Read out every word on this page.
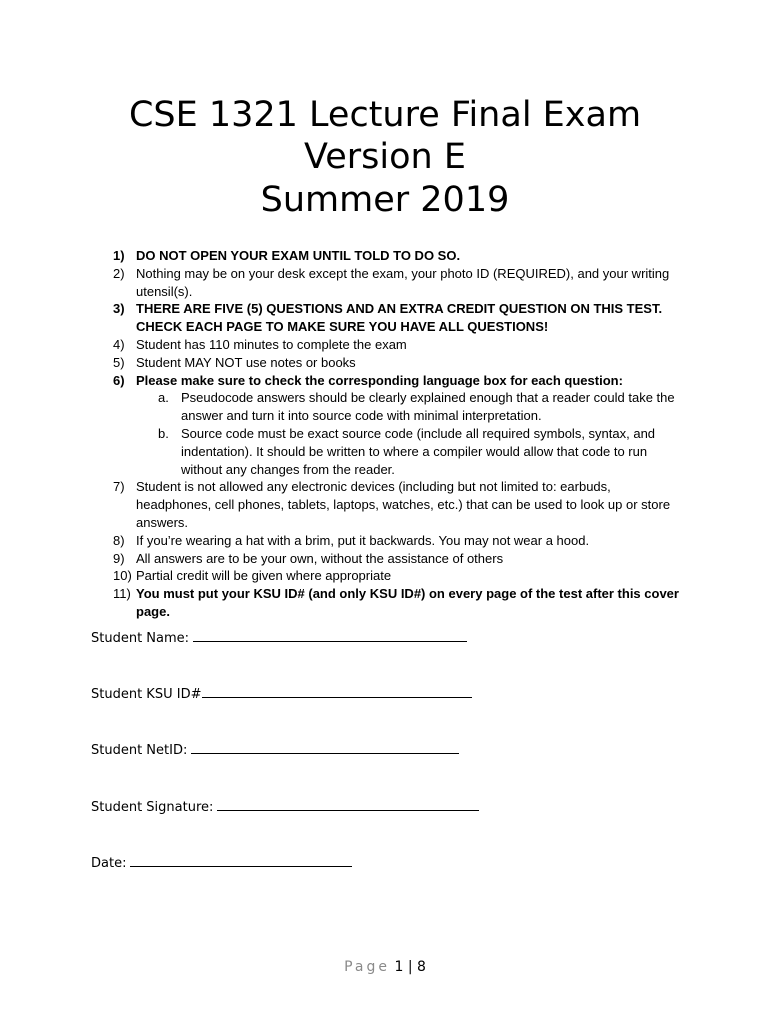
CSE 1321 Lecture Final Exam
Version E
Summer 2019
1) DO NOT OPEN YOUR EXAM UNTIL TOLD TO DO SO.
2) Nothing may be on your desk except the exam, your photo ID (REQUIRED), and your writing utensil(s).
3) THERE ARE FIVE (5) QUESTIONS AND AN EXTRA CREDIT QUESTION ON THIS TEST. CHECK EACH PAGE TO MAKE SURE YOU HAVE ALL QUESTIONS!
4) Student has 110 minutes to complete the exam
5) Student MAY NOT use notes or books
6) Please make sure to check the corresponding language box for each question:
a. Pseudocode answers should be clearly explained enough that a reader could take the answer and turn it into source code with minimal interpretation.
b. Source code must be exact source code (include all required symbols, syntax, and indentation). It should be written to where a compiler would allow that code to run without any changes from the reader.
7) Student is not allowed any electronic devices (including but not limited to: earbuds, headphones, cell phones, tablets, laptops, watches, etc.) that can be used to look up or store answers.
8) If you’re wearing a hat with a brim, put it backwards. You may not wear a hood.
9) All answers are to be your own, without the assistance of others
10) Partial credit will be given where appropriate
11) You must put your KSU ID# (and only KSU ID#) on every page of the test after this cover page.
Student Name:
Student KSU ID#
Student NetID:
Student Signature:
Date:
Page 1 | 8
